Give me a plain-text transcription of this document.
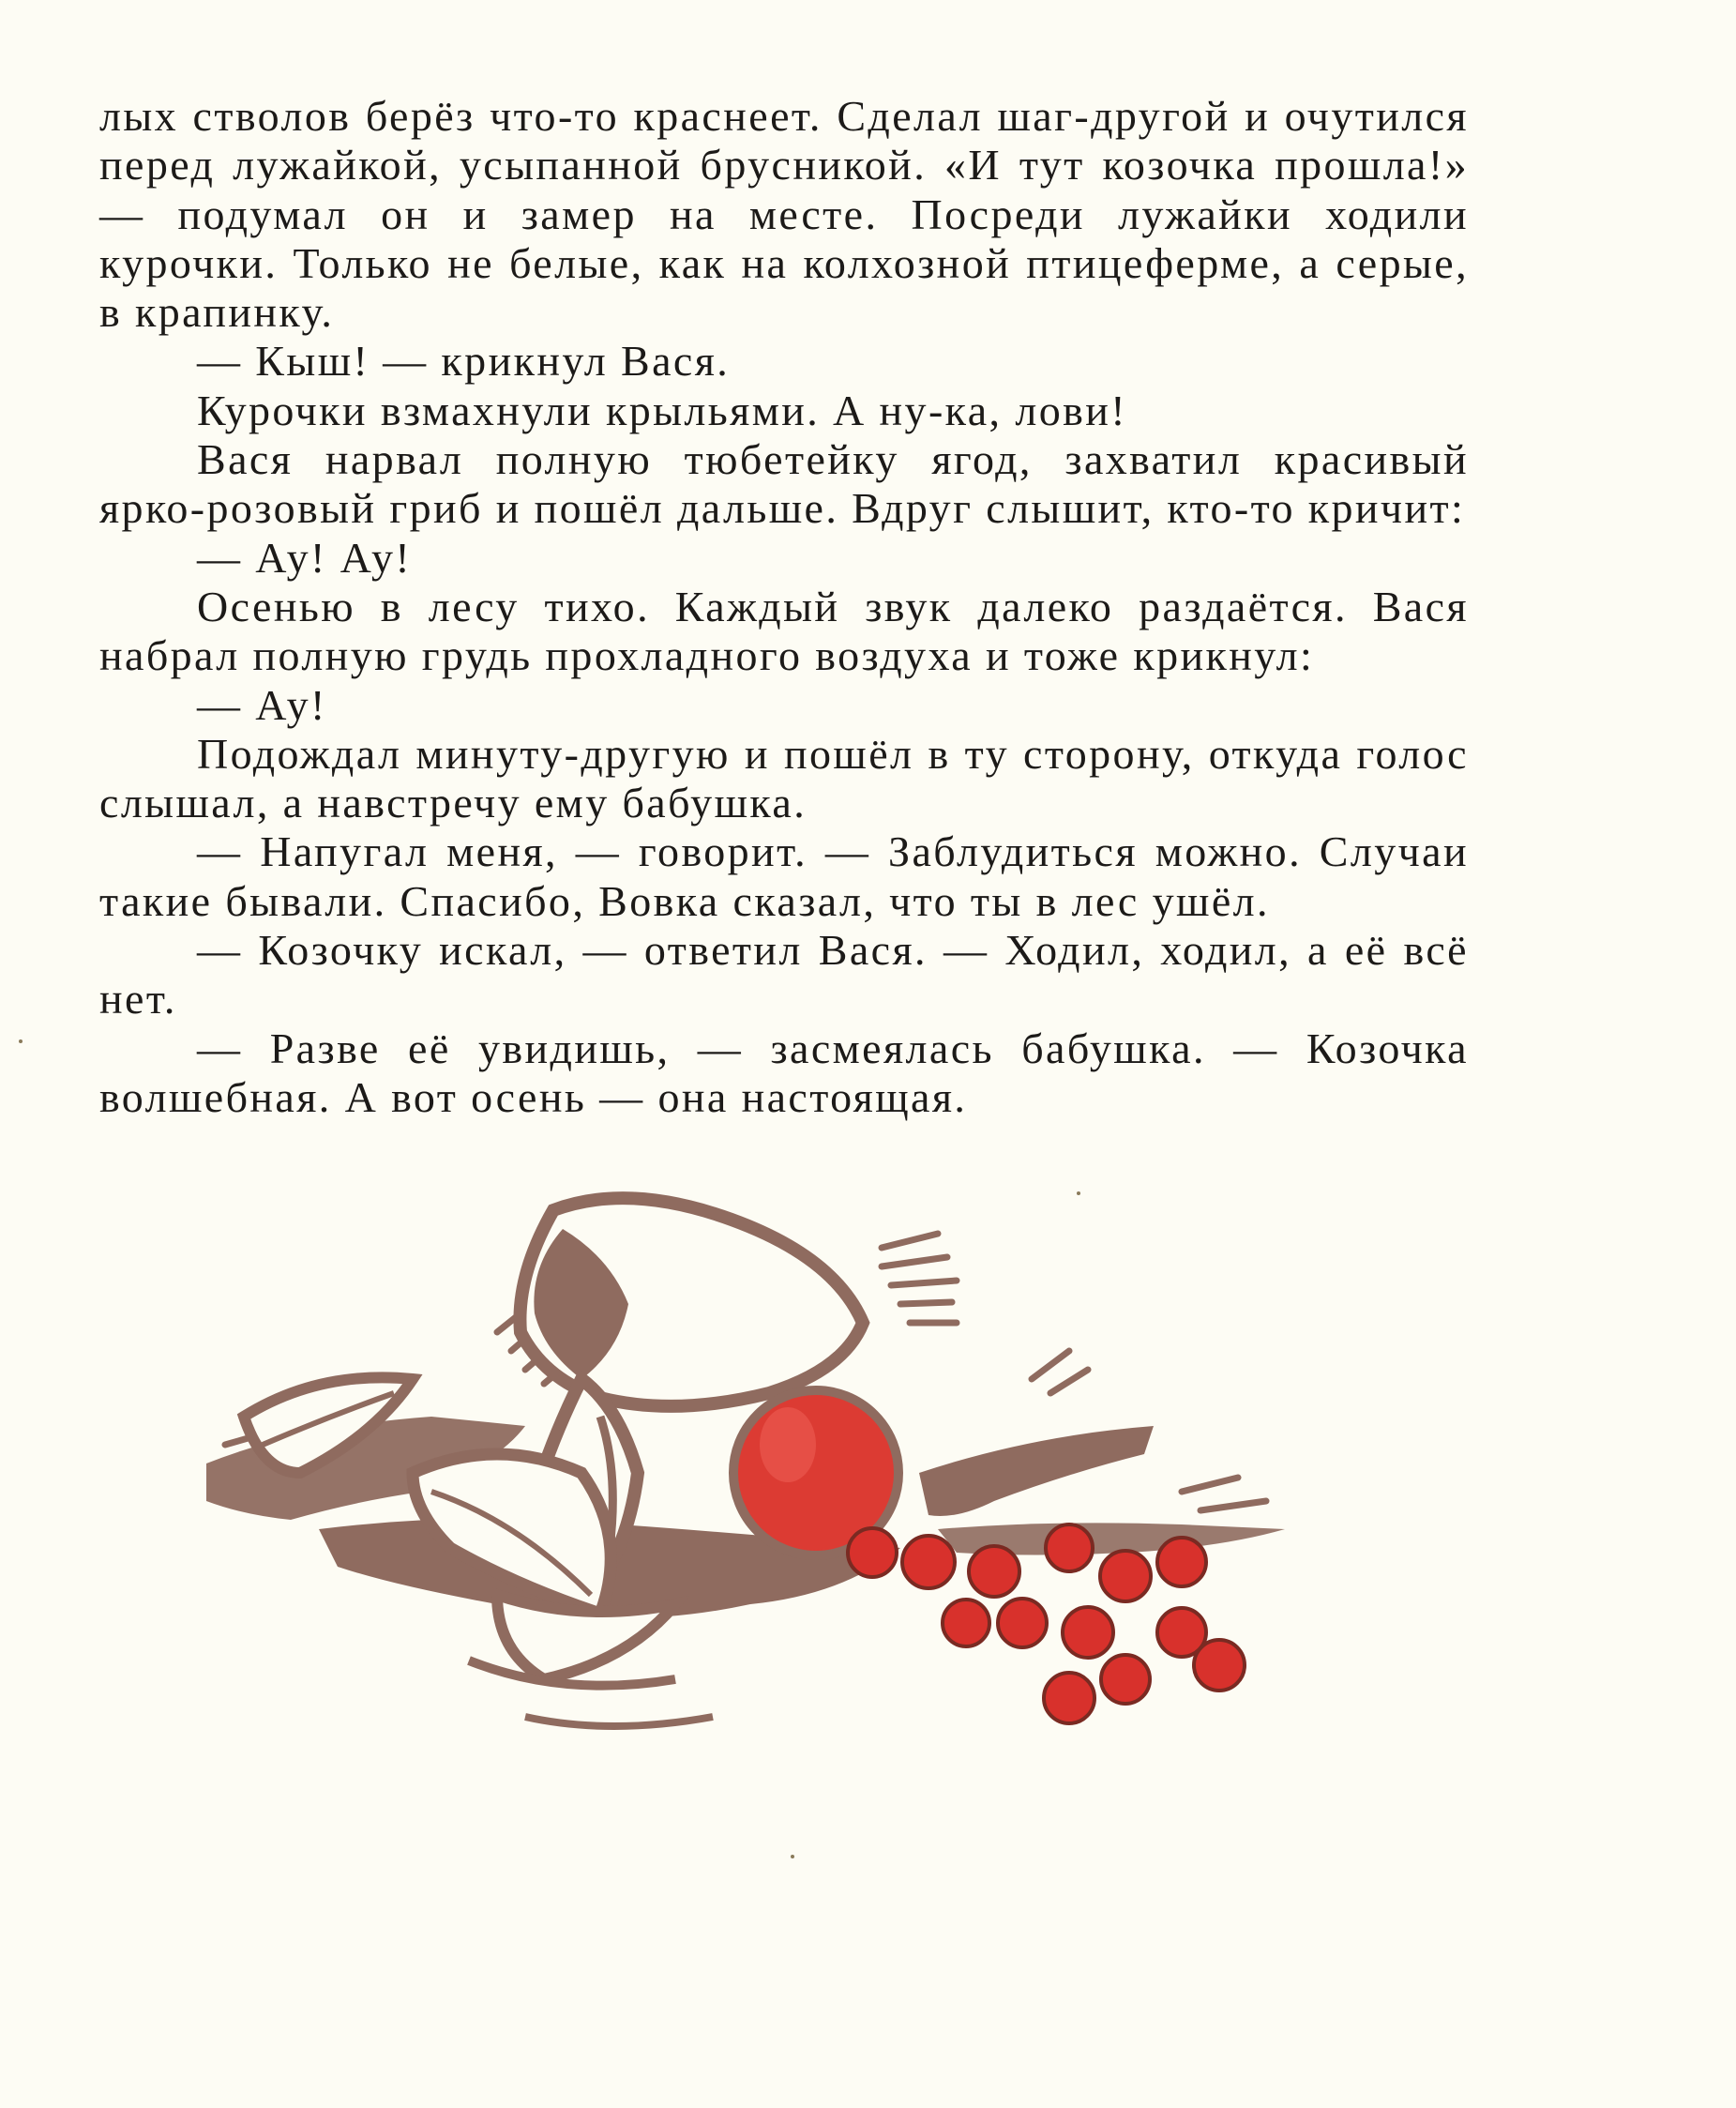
лых стволов берёз что-то краснеет. Сделал шаг-другой и очутился перед лужайкой, усыпанной брусникой. «И тут козочка прошла!» — подумал он и замер на месте. Посреди лужайки ходили курочки. Только не белые, как на колхозной птицеферме, а серые, в крапинку.

— Кыш! — крикнул Вася.

Курочки взмахнули крыльями. А ну-ка, лови!

Вася нарвал полную тюбетейку ягод, захватил красивый ярко-розовый гриб и пошёл дальше. Вдруг слышит, кто-то кричит:

— Ау! Ау!

Осенью в лесу тихо. Каждый звук далеко раздаётся. Вася набрал полную грудь прохладного воздуха и тоже крикнул:

— Ау!

Подождал минуту-другую и пошёл в ту сторону, откуда голос слышал, а навстречу ему бабушка.

— Напугал меня, — говорит. — Заблудиться можно. Случаи такие бывали. Спасибо, Вовка сказал, что ты в лес ушёл.

— Козочку искал, — ответил Вася. — Ходил, ходил, а её всё нет.

— Разве её увидишь, — засмеялась бабушка. — Козочка волшебная. А вот осень — она настоящая.
